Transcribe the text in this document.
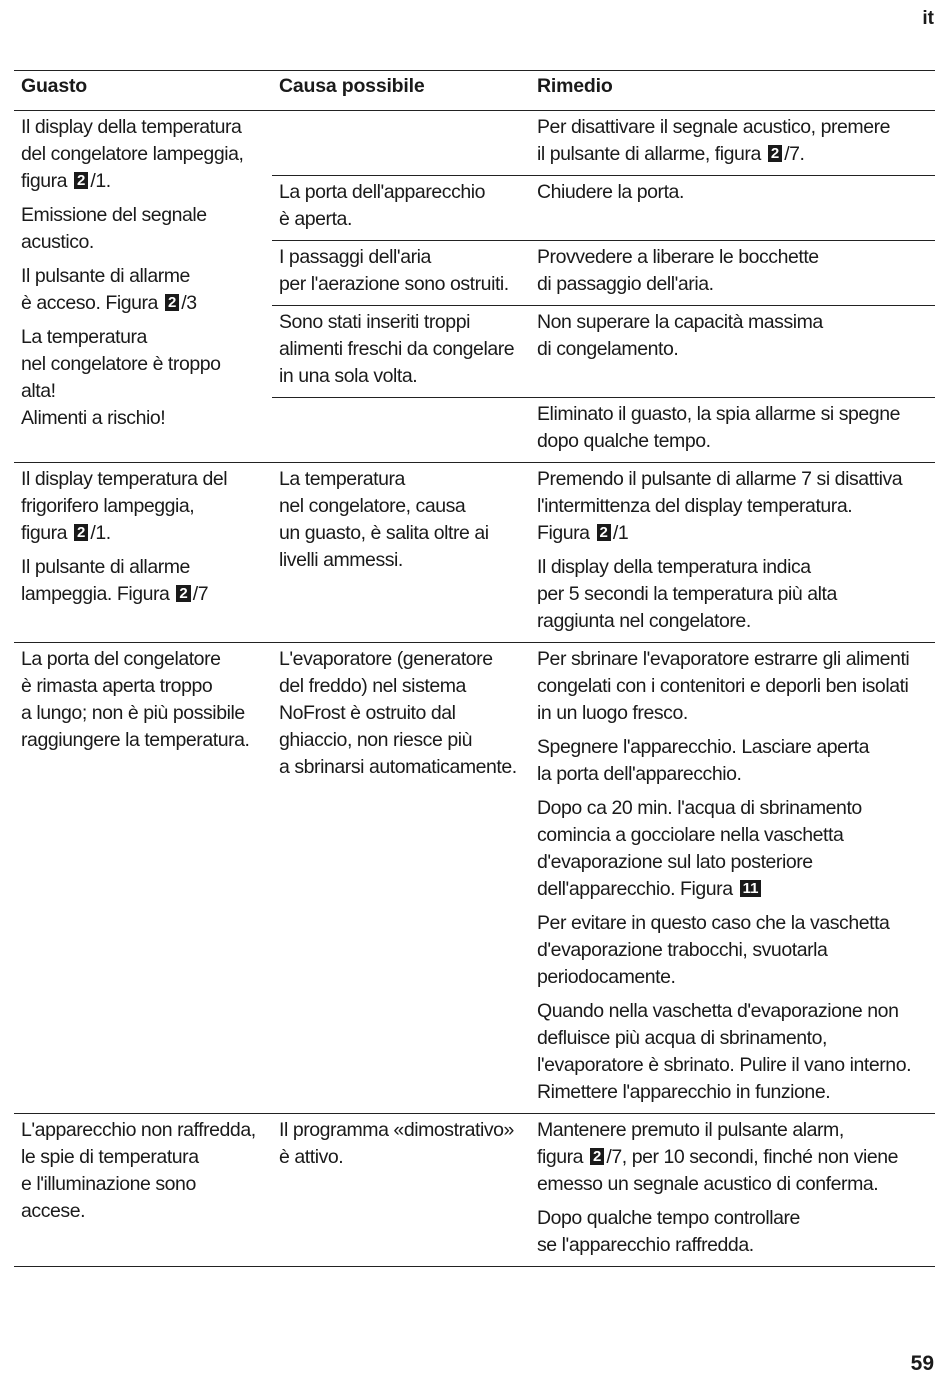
it
Guasto	Causa possibile	Rimedio

Il display della temperatura
del congelatore lampeggia,
figura 2 /1.

Emissione del segnale
acustico.

Il pulsante di allarme
è acceso. Figura 2 /3

La temperatura
nel congelatore è troppo
alta!
Alimenti a rischio!

Per disattivare il segnale acustico, premere
il pulsante di allarme, figura 2 /7.

La porta dell'apparecchio
è aperta.

Chiudere la porta.

I passaggi dell'aria
per l'aerazione sono ostruiti.

Provvedere a liberare le bocchette
di passaggio dell'aria.

Sono stati inseriti troppi
alimenti freschi da congelare
in una sola volta.

Non superare la capacità massima
di congelamento.

Eliminato il guasto, la spia allarme si spegne
dopo qualche tempo.

Il display temperatura del
frigorifero lampeggia,
figura 2 /1.

Il pulsante di allarme
lampeggia. Figura 2 /7

La temperatura
nel congelatore, causa
un guasto, è salita oltre ai
livelli ammessi.

Premendo il pulsante di allarme 7 si disattiva
l'intermittenza del display temperatura.
Figura 2 /1

Il display della temperatura indica
per 5 secondi la temperatura più alta
raggiunta nel congelatore.

La porta del congelatore
è rimasta aperta troppo
a lungo; non è più possibile
raggiungere la temperatura.

L'evaporatore (generatore
del freddo) nel sistema
NoFrost è ostruito dal
ghiaccio, non riesce più
a sbrinarsi automaticamente.

Per sbrinare l'evaporatore estrarre gli alimenti
congelati con i contenitori e deporli ben isolati
in un luogo fresco.

Spegnere l'apparecchio. Lasciare aperta
la porta dell'apparecchio.

Dopo ca 20 min. l'acqua di sbrinamento
comincia a gocciolare nella vaschetta
d'evaporazione sul lato posteriore
dell'apparecchio. Figura 11

Per evitare in questo caso che la vaschetta
d'evaporazione trabocchi, svuotarla
periodocamente.

Quando nella vaschetta d'evaporazione non
defluisce più acqua di sbrinamento,
l'evaporatore è sbrinato. Pulire il vano interno.
Rimettere l'apparecchio in funzione.

L'apparecchio non raffredda,
le spie di temperatura
e l'illuminazione sono
accese.

Il programma «dimostrativo»
è attivo.

Mantenere premuto il pulsante alarm,
figura 2 /7, per 10 secondi, finché non viene
emesso un segnale acustico di conferma.

Dopo qualche tempo controllare
se l'apparecchio raffredda.

59
